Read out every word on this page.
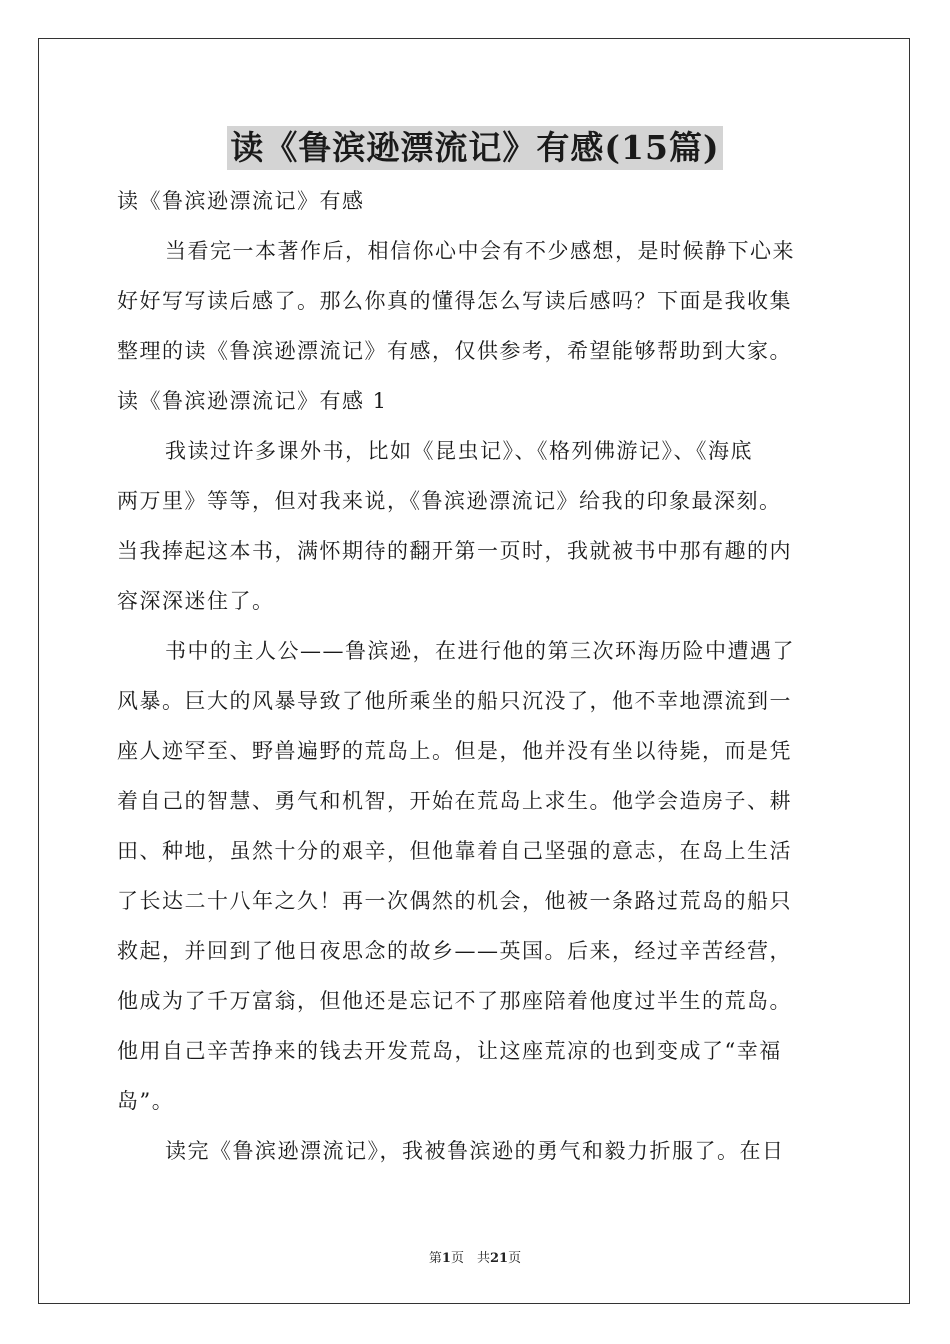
读《鲁滨逊漂流记》有感(15篇)
读《鲁滨逊漂流记》有感
当看完一本著作后，相信你心中会有不少感想，是时候静下心来
好好写写读后感了。那么你真的懂得怎么写读后感吗？下面是我收集
整理的读《鲁滨逊漂流记》有感，仅供参考，希望能够帮助到大家。
读《鲁滨逊漂流记》有感 1
我读过许多课外书，比如《昆虫记》、《格列佛游记》、《海底
两万里》等等，但对我来说，《鲁滨逊漂流记》给我的印象最深刻。
当我捧起这本书，满怀期待的翻开第一页时，我就被书中那有趣的内
容深深迷住了。
书中的主人公——鲁滨逊，在进行他的第三次环海历险中遭遇了
风暴。巨大的风暴导致了他所乘坐的船只沉没了，他不幸地漂流到一
座人迹罕至、野兽遍野的荒岛上。但是，他并没有坐以待毙，而是凭
着自己的智慧、勇气和机智，开始在荒岛上求生。他学会造房子、耕
田、种地，虽然十分的艰辛，但他靠着自己坚强的意志，在岛上生活
了长达二十八年之久！再一次偶然的机会，他被一条路过荒岛的船只
救起，并回到了他日夜思念的故乡——英国。后来，经过辛苦经营，
他成为了千万富翁，但他还是忘记不了那座陪着他度过半生的荒岛。
他用自己辛苦挣来的钱去开发荒岛，让这座荒凉的也到变成了“幸福
岛”。
读完《鲁滨逊漂流记》，我被鲁滨逊的勇气和毅力折服了。在日
第1页　共21页
